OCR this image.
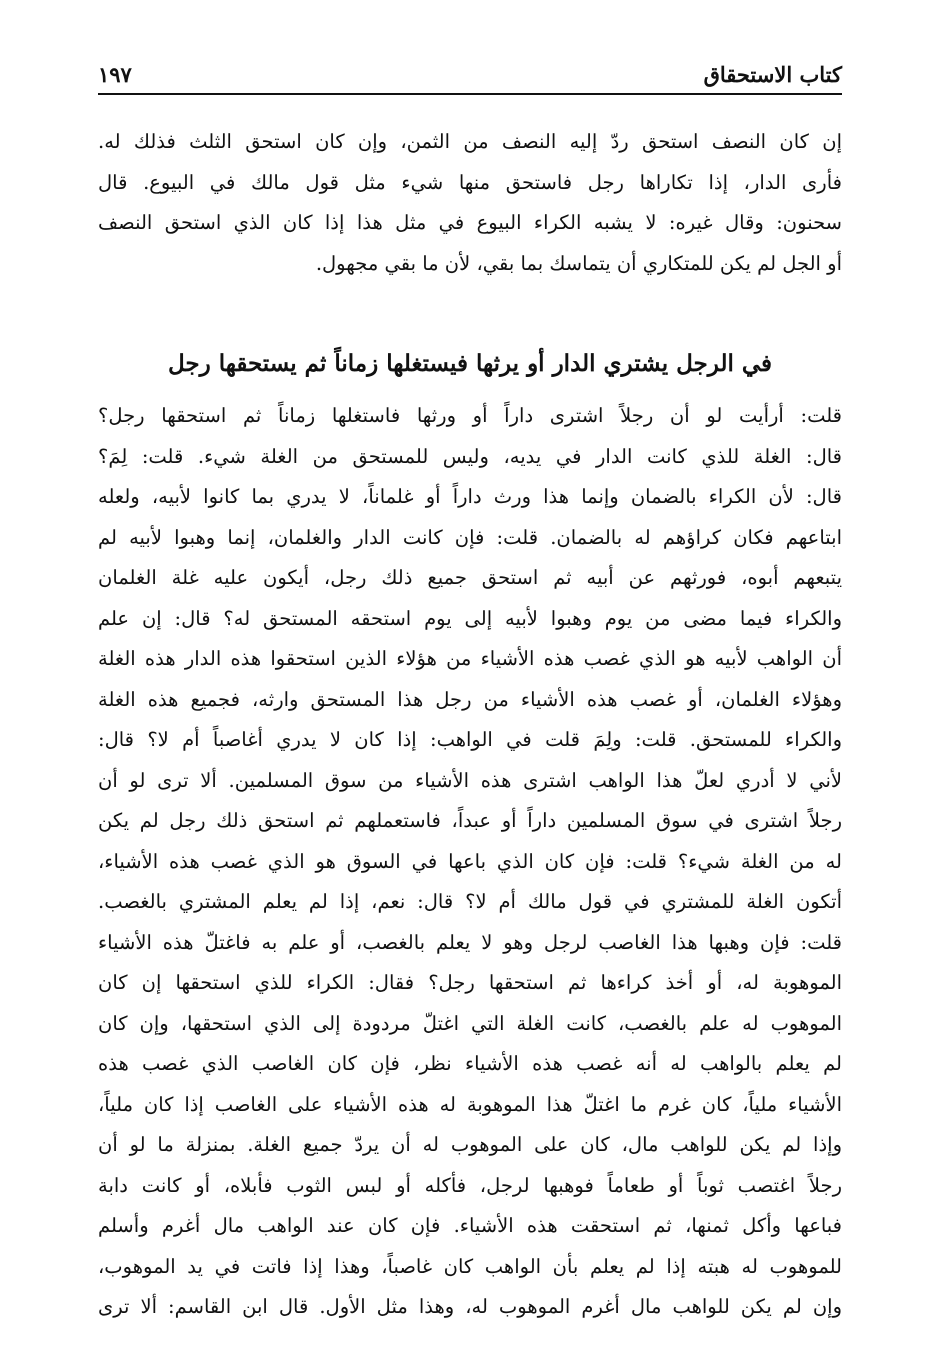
كتاب الاستحقاق
١٩٧
إن كان النصف استحق ردّ إليه النصف من الثمن، وإن كان استحق الثلث فذلك له.
فأرى الدار، إذا تكاراها رجل فاستحق منها شيء مثل قول مالك في البيوع. قال
سحنون: وقال غيره: لا يشبه الكراء البيوع في مثل هذا إذا كان الذي استحق النصف
أو الجل لم يكن للمتكاري أن يتماسك بما بقي، لأن ما بقي مجهول.
في الرجل يشتري الدار أو يرثها فيستغلها زماناً ثم يستحقها رجل
قلت: أرأيت لو أن رجلاً اشترى داراً أو ورثها فاستغلها زماناً ثم استحقها رجل؟
قال: الغلة للذي كانت الدار في يديه، وليس للمستحق من الغلة شيء. قلت: لِمَ؟
قال: لأن الكراء بالضمان وإنما هذا ورث داراً أو غلماناً، لا يدري بما كانوا لأبيه، ولعله
ابتاعهم فكان كراؤهم له بالضمان. قلت: فإن كانت الدار والغلمان، إنما وهبوا لأبيه لم
يتبعهم أبوه، فورثهم عن أبيه ثم استحق جميع ذلك رجل، أيكون عليه غلة الغلمان
والكراء فيما مضى من يوم وهبوا لأبيه إلى يوم استحقه المستحق له؟ قال: إن علم
أن الواهب لأبيه هو الذي غصب هذه الأشياء من هؤلاء الذين استحقوا هذه الدار هذه الغلة
وهؤلاء الغلمان، أو غصب هذه الأشياء من رجل هذا المستحق وارثه، فجميع هذه الغلة
والكراء للمستحق. قلت: ولِمَ قلت في الواهب: إذا كان لا يدري أغاصباً أم لا؟ قال:
لأني لا أدري لعلّ هذا الواهب اشترى هذه الأشياء من سوق المسلمين. ألا ترى لو أن
رجلاً اشترى في سوق المسلمين داراً أو عبداً، فاستعملهم ثم استحق ذلك رجل لم يكن
له من الغلة شيء؟ قلت: فإن كان الذي باعها في السوق هو الذي غصب هذه الأشياء،
أتكون الغلة للمشتري في قول مالك أم لا؟ قال: نعم، إذا لم يعلم المشتري بالغصب.
قلت: فإن وهبها هذا الغاصب لرجل وهو لا يعلم بالغصب، أو علم به فاغتلّ هذه الأشياء
الموهوبة له، أو أخذ كراءها ثم استحقها رجل؟ فقال: الكراء للذي استحقها إن كان
الموهوب له علم بالغصب، كانت الغلة التي اغتلّ مردودة إلى الذي استحقها، وإن كان
لم يعلم بالواهب له أنه غصب هذه الأشياء نظر، فإن كان الغاصب الذي غصب هذه
الأشياء ملياً، كان غرم ما اغتلّ هذا الموهوبة له هذه الأشياء على الغاصب إذا كان ملياً،
وإذا لم يكن للواهب مال، كان على الموهوب له أن يردّ جميع الغلة. بمنزلة ما لو أن
رجلاً اغتصب ثوباً أو طعاماً فوهبها لرجل، فأكله أو لبس الثوب فأبلاه، أو كانت دابة
فباعها وأكل ثمنها، ثم استحقت هذه الأشياء. فإن كان عند الواهب مال أغرم وأسلم
للموهوب له هبته إذا لم يعلم بأن الواهب كان غاصباً، وهذا إذا فاتت في يد الموهوب،
وإن لم يكن للواهب مال أغرم الموهوب له، وهذا مثل الأول. قال ابن القاسم: ألا ترى
